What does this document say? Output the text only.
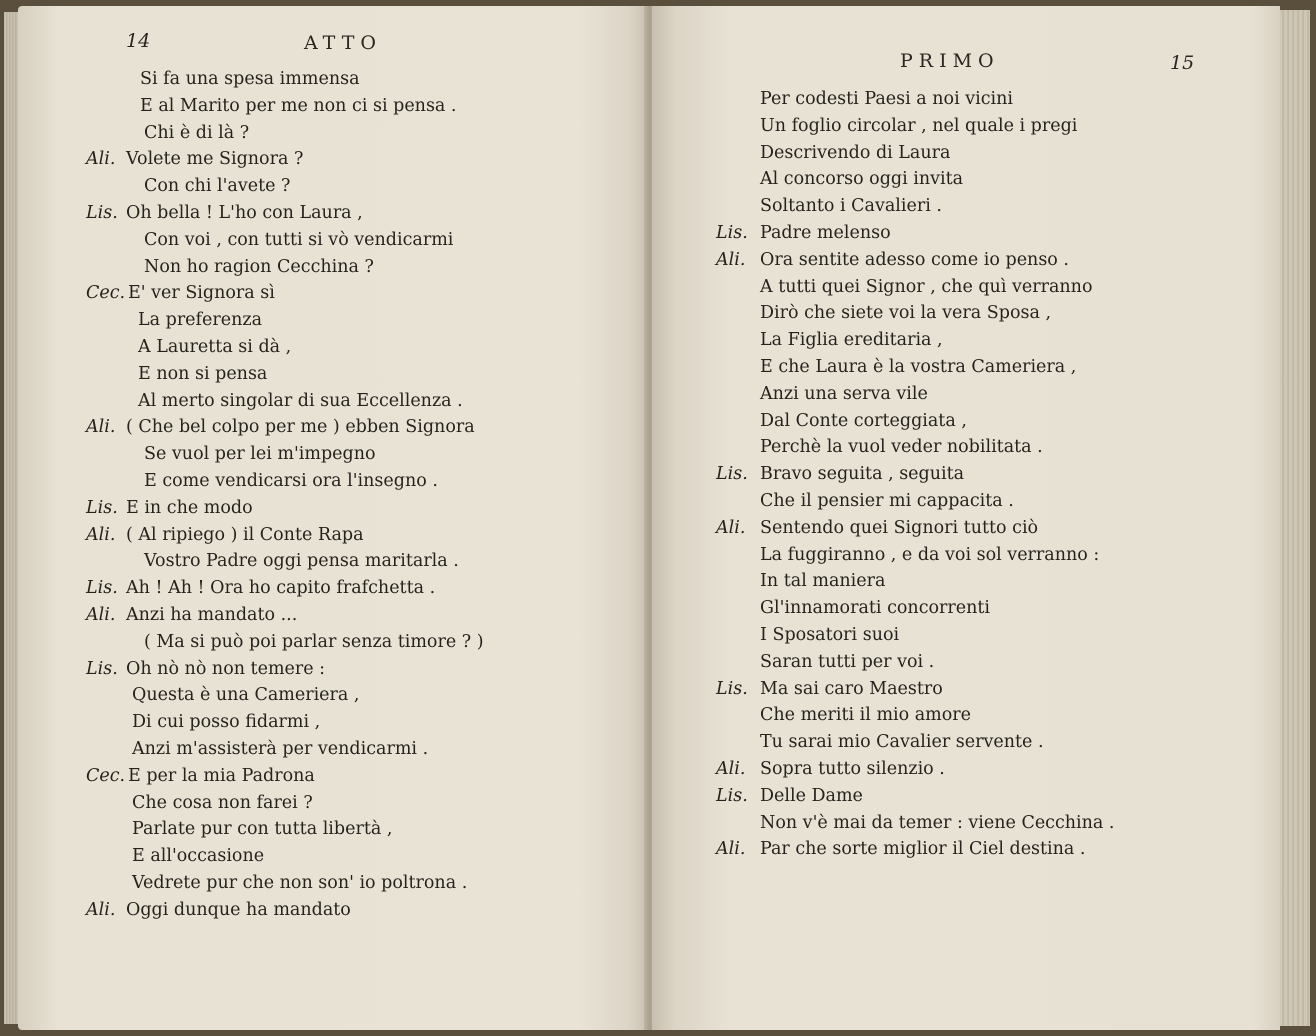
14	ATTO
Si fa una spesa immensa
E al Marito per me non ci si pensa .
Chi è di là ?
Ali. Volete me Signora ?
Con chi l'avete ?
Lis. Oh bella ! L'ho con Laura ,
Con voi , con tutti si vò vendicarmi
Non ho ragion Cecchina ?
Cec. E' ver Signora sì
La preferenza
A Lauretta si dà ,
E non si pensa
Al merto singolar di sua Eccellenza .
Ali. ( Che bel colpo per me ) ebben Signora
Se vuol per lei m'impegno
E come vendicarsi ora l'insegno .
Lis. E in che modo
Ali. ( Al ripiego ) il Conte Rapa
Vostro Padre oggi pensa maritarla .
Lis. Ah ! Ah ! Ora ho capito frafchetta .
Ali. Anzi ha mandato ...
( Ma si può poi parlar senza timore ? )
Lis. Oh nò nò non temere :
Questa è una Cameriera ,
Di cui posso fidarmi ,
Anzi m'assisterà per vendicarmi .
Cec. E per la mia Padrona
Che cosa non farei ?
Parlate pur con tutta libertà ,
E all'occasione
Vedrete pur che non son' io poltrona .
Ali. Oggi dunque ha mandato
PRIMO	15
Per codesti Paesi a noi vicini
Un foglio circolar , nel quale i pregi
Descrivendo di Laura
Al concorso oggi invita
Soltanto i Cavalieri .
Lis. Padre melenso
Ali. Ora sentite adesso come io penso .
A tutti quei Signor , che quì verranno
Dirò che siete voi la vera Sposa ,
La Figlia ereditaria ,
E che Laura è la vostra Cameriera ,
Anzi una serva vile
Dal Conte corteggiata ,
Perchè la vuol veder nobilitata .
Lis. Bravo seguita , seguita
Che il pensier mi cappacita .
Ali. Sentendo quei Signori tutto ciò
La fuggiranno , e da voi sol verranno :
In tal maniera
Gl'innamorati concorrenti
I Sposatori suoi
Saran tutti per voi .
Lis. Ma sai caro Maestro
Che meriti il mio amore
Tu sarai mio Cavalier servente .
Ali. Sopra tutto silenzio .
Lis. Delle Dame
Non v'è mai da temer : viene Cecchina .
Ali. Par che sorte miglior il Ciel destina .
